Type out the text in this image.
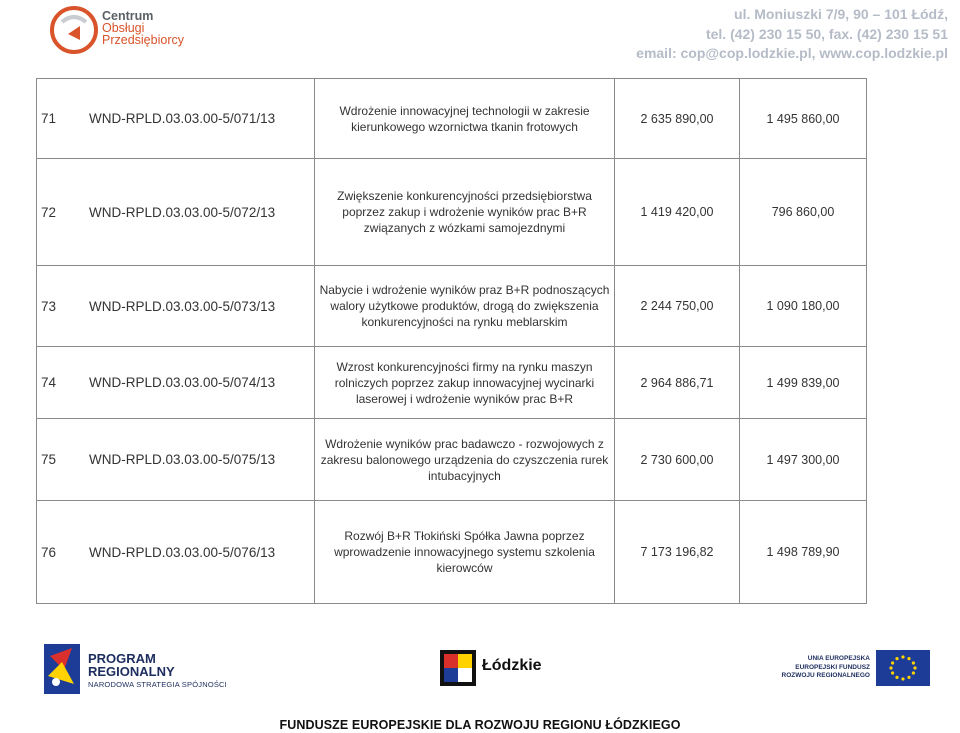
Centrum
Obsługi
Przedsiębiorcy
ul. Moniuszki 7/9, 90 – 101 Łódź,
tel. (42) 230 15 50, fax. (42) 230 15 51
email: cop@cop.lodzkie.pl, www.cop.lodzkie.pl
71 WND-RPLD.03.03.00-5/071/13	Wdrożenie innowacyjnej technologii w zakresie kierunkowego wzornictwa tkanin frotowych	2 635 890,00	1 495 860,00
72 WND-RPLD.03.03.00-5/072/13	Zwiększenie konkurencyjności przedsiębiorstwa poprzez zakup i wdrożenie wyników prac B+R związanych z wózkami samojezdnymi	1 419 420,00	796 860,00
73 WND-RPLD.03.03.00-5/073/13	Nabycie i wdrożenie wyników praz B+R podnoszących walory użytkowe produktów, drogą do zwiększenia konkurencyjności na rynku meblarskim	2 244 750,00	1 090 180,00
74 WND-RPLD.03.03.00-5/074/13	Wzrost konkurencyjności firmy na rynku maszyn rolniczych poprzez zakup innowacyjnej wycinarki laserowej i wdrożenie wyników prac B+R	2 964 886,71	1 499 839,00
75 WND-RPLD.03.03.00-5/075/13	Wdrożenie wyników prac badawczo - rozwojowych z zakresu balonowego urządzenia do czyszczenia rurek intubacyjnych	2 730 600,00	1 497 300,00
76 WND-RPLD.03.03.00-5/076/13	Rozwój B+R Tłokiński Spółka Jawna poprzez wprowadzenie innowacyjnego systemu szkolenia kierowców	7 173 196,82	1 498 789,90
PROGRAM
REGIONALNY
NARODOWA STRATEGIA SPÓJNOŚCI
Łódzkie	UNIA EUROPEJSKA
EUROPEJSKI FUNDUSZ
ROZWOJU REGIONALNEGO
FUNDUSZE EUROPEJSKIE DLA ROZWOJU REGIONU ŁÓDZKIEGO
